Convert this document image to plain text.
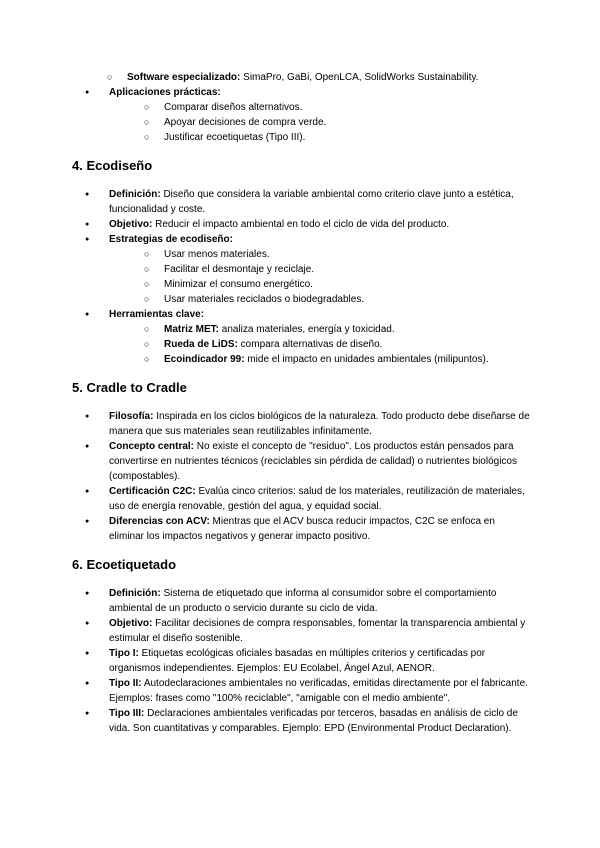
○ Software especializado: SimaPro, GaBi, OpenLCA, SolidWorks Sustainability.
● Aplicaciones prácticas:
○ Comparar diseños alternativos.
○ Apoyar decisiones de compra verde.
○ Justificar ecoetiquetas (Tipo III).
4. Ecodiseño
● Definición: Diseño que considera la variable ambiental como criterio clave junto a estética, funcionalidad y coste.
● Objetivo: Reducir el impacto ambiental en todo el ciclo de vida del producto.
● Estrategias de ecodiseño:
○ Usar menos materiales.
○ Facilitar el desmontaje y reciclaje.
○ Minimizar el consumo energético.
○ Usar materiales reciclados o biodegradables.
● Herramientas clave:
○ Matriz MET: analiza materiales, energía y toxicidad.
○ Rueda de LiDS: compara alternativas de diseño.
○ Ecoindicador 99: mide el impacto en unidades ambientales (milipuntos).
5. Cradle to Cradle
● Filosofía: Inspirada en los ciclos biológicos de la naturaleza. Todo producto debe diseñarse de manera que sus materiales sean reutilizables infinitamente.
● Concepto central: No existe el concepto de "residuo". Los productos están pensados para convertirse en nutrientes técnicos (reciclables sin pérdida de calidad) o nutrientes biológicos (compostables).
● Certificación C2C: Evalúa cinco criterios: salud de los materiales, reutilización de materiales, uso de energía renovable, gestión del agua, y equidad social.
● Diferencias con ACV: Mientras que el ACV busca reducir impactos, C2C se enfoca en eliminar los impactos negativos y generar impacto positivo.
6. Ecoetiquetado
● Definición: Sistema de etiquetado que informa al consumidor sobre el comportamiento ambiental de un producto o servicio durante su ciclo de vida.
● Objetivo: Facilitar decisiones de compra responsables, fomentar la transparencia ambiental y estimular el diseño sostenible.
● Tipo I: Etiquetas ecológicas oficiales basadas en múltiples criterios y certificadas por organismos independientes. Ejemplos: EU Ecolabel, Ángel Azul, AENOR.
● Tipo II: Autodeclaraciones ambientales no verificadas, emitidas directamente por el fabricante. Ejemplos: frases como "100% reciclable", "amigable con el medio ambiente".
● Tipo III: Declaraciones ambientales verificadas por terceros, basadas en análisis de ciclo de vida. Son cuantitativas y comparables. Ejemplo: EPD (Environmental Product Declaration).
